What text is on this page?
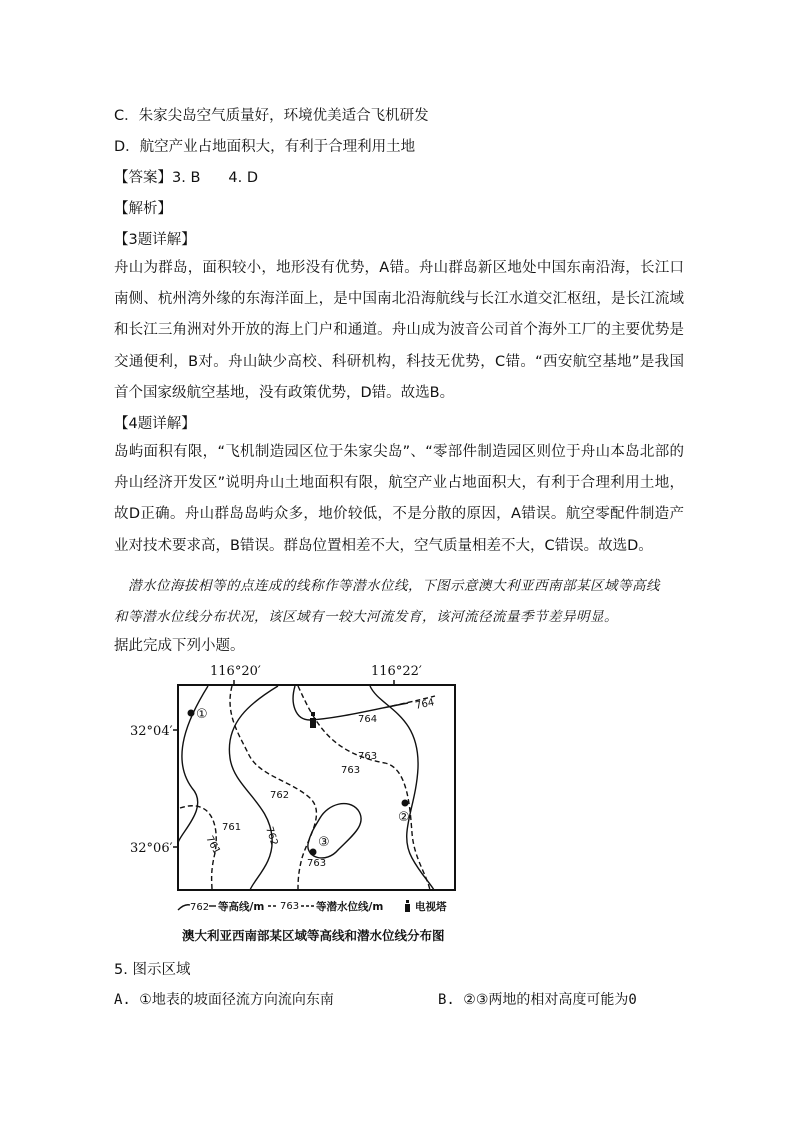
C．朱家尖岛空气质量好，环境优美适合飞机研发
D．航空产业占地面积大，有利于合理利用土地
【答案】3. B 4. D
【解析】
【3题详解】
舟山为群岛，面积较小，地形没有优势，A错。舟山群岛新区地处中国东南沿海，长江口南侧、杭州湾外缘的东海洋面上，是中国南北沿海航线与长江水道交汇枢纽，是长江流域和长江三角洲对外开放的海上门户和通道。舟山成为波音公司首个海外工厂的主要优势是交通便利，B对。舟山缺少高校、科研机构，科技无优势，C错。“西安航空基地”是我国首个国家级航空基地，没有政策优势，D错。故选B。
【4题详解】
岛屿面积有限，“飞机制造园区位于朱家尖岛”、“零部件制造园区则位于舟山本岛北部的舟山经济开发区”说明舟山土地面积有限，航空产业占地面积大，有利于合理利用土地，故D正确。舟山群岛岛屿众多，地价较低，不是分散的原因，A错误。航空零配件制造产业对技术要求高，B错误。群岛位置相差不大，空气质量相差不大，C错误。故选D。
潜水位海拔相等的点连成的线称作等潜水位线，下图示意澳大利亚西南部某区域等高线
和等潜水位线分布状况，该区域有一较大河流发育，该河流径流量季节差异明显。
据此完成下列小题。
116°20′	116°22′
32°04′
32°06′
764
764
763
763
762
762
761
761
763
①
②
③
762 等高线/m 763 等潜水位线/m	电视塔
澳大利亚西南部某区域等高线和潜水位线分布图
5. 图示区域
A. ①地表的坡面径流方向流向东南	B. ②③两地的相对高度可能为0
